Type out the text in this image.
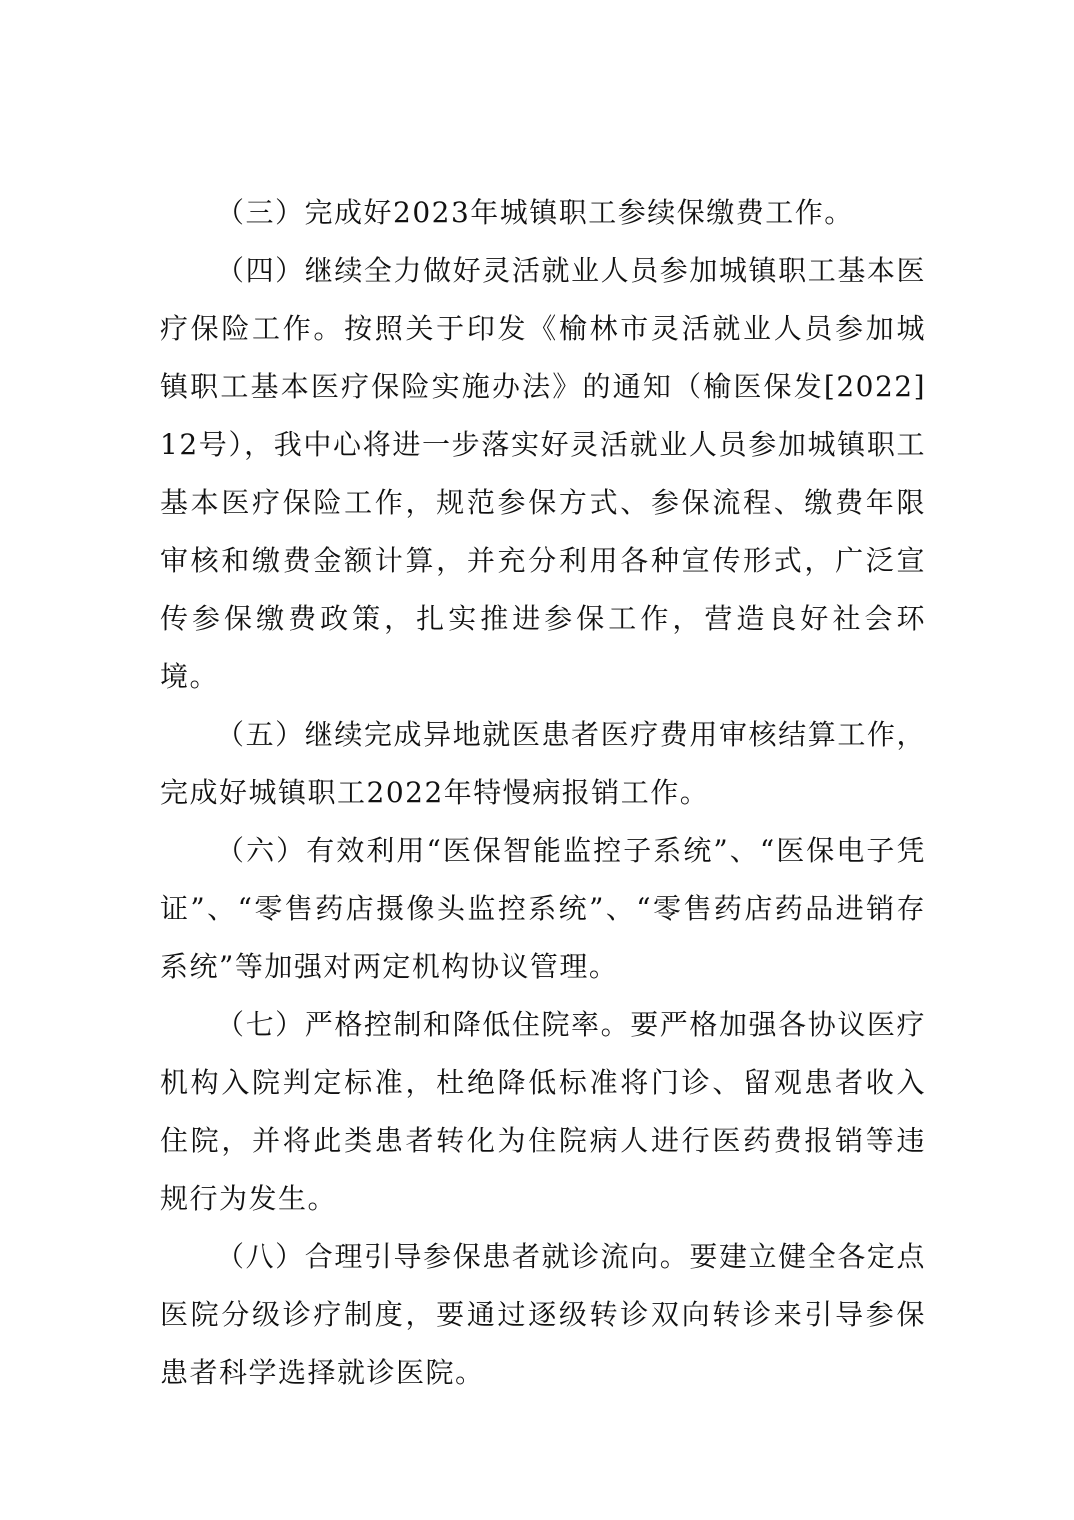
（三）完成好2023年城镇职工参续保缴费工作。

（四）继续全力做好灵活就业人员参加城镇职工基本医疗保险工作。按照关于印发《榆林市灵活就业人员参加城镇职工基本医疗保险实施办法》的通知（榆医保发[2022]12号），我中心将进一步落实好灵活就业人员参加城镇职工基本医疗保险工作，规范参保方式、参保流程、缴费年限审核和缴费金额计算，并充分利用各种宣传形式，广泛宣传参保缴费政策，扎实推进参保工作，营造良好社会环境。

（五）继续完成异地就医患者医疗费用审核结算工作，完成好城镇职工2022年特慢病报销工作。

（六）有效利用“医保智能监控子系统”、“医保电子凭证”、“零售药店摄像头监控系统”、“零售药店药品进销存系统”等加强对两定机构协议管理。

（七）严格控制和降低住院率。要严格加强各协议医疗机构入院判定标准，杜绝降低标准将门诊、留观患者收入住院，并将此类患者转化为住院病人进行医药费报销等违规行为发生。

（八）合理引导参保患者就诊流向。要建立健全各定点医院分级诊疗制度，要通过逐级转诊双向转诊来引导参保患者科学选择就诊医院。
